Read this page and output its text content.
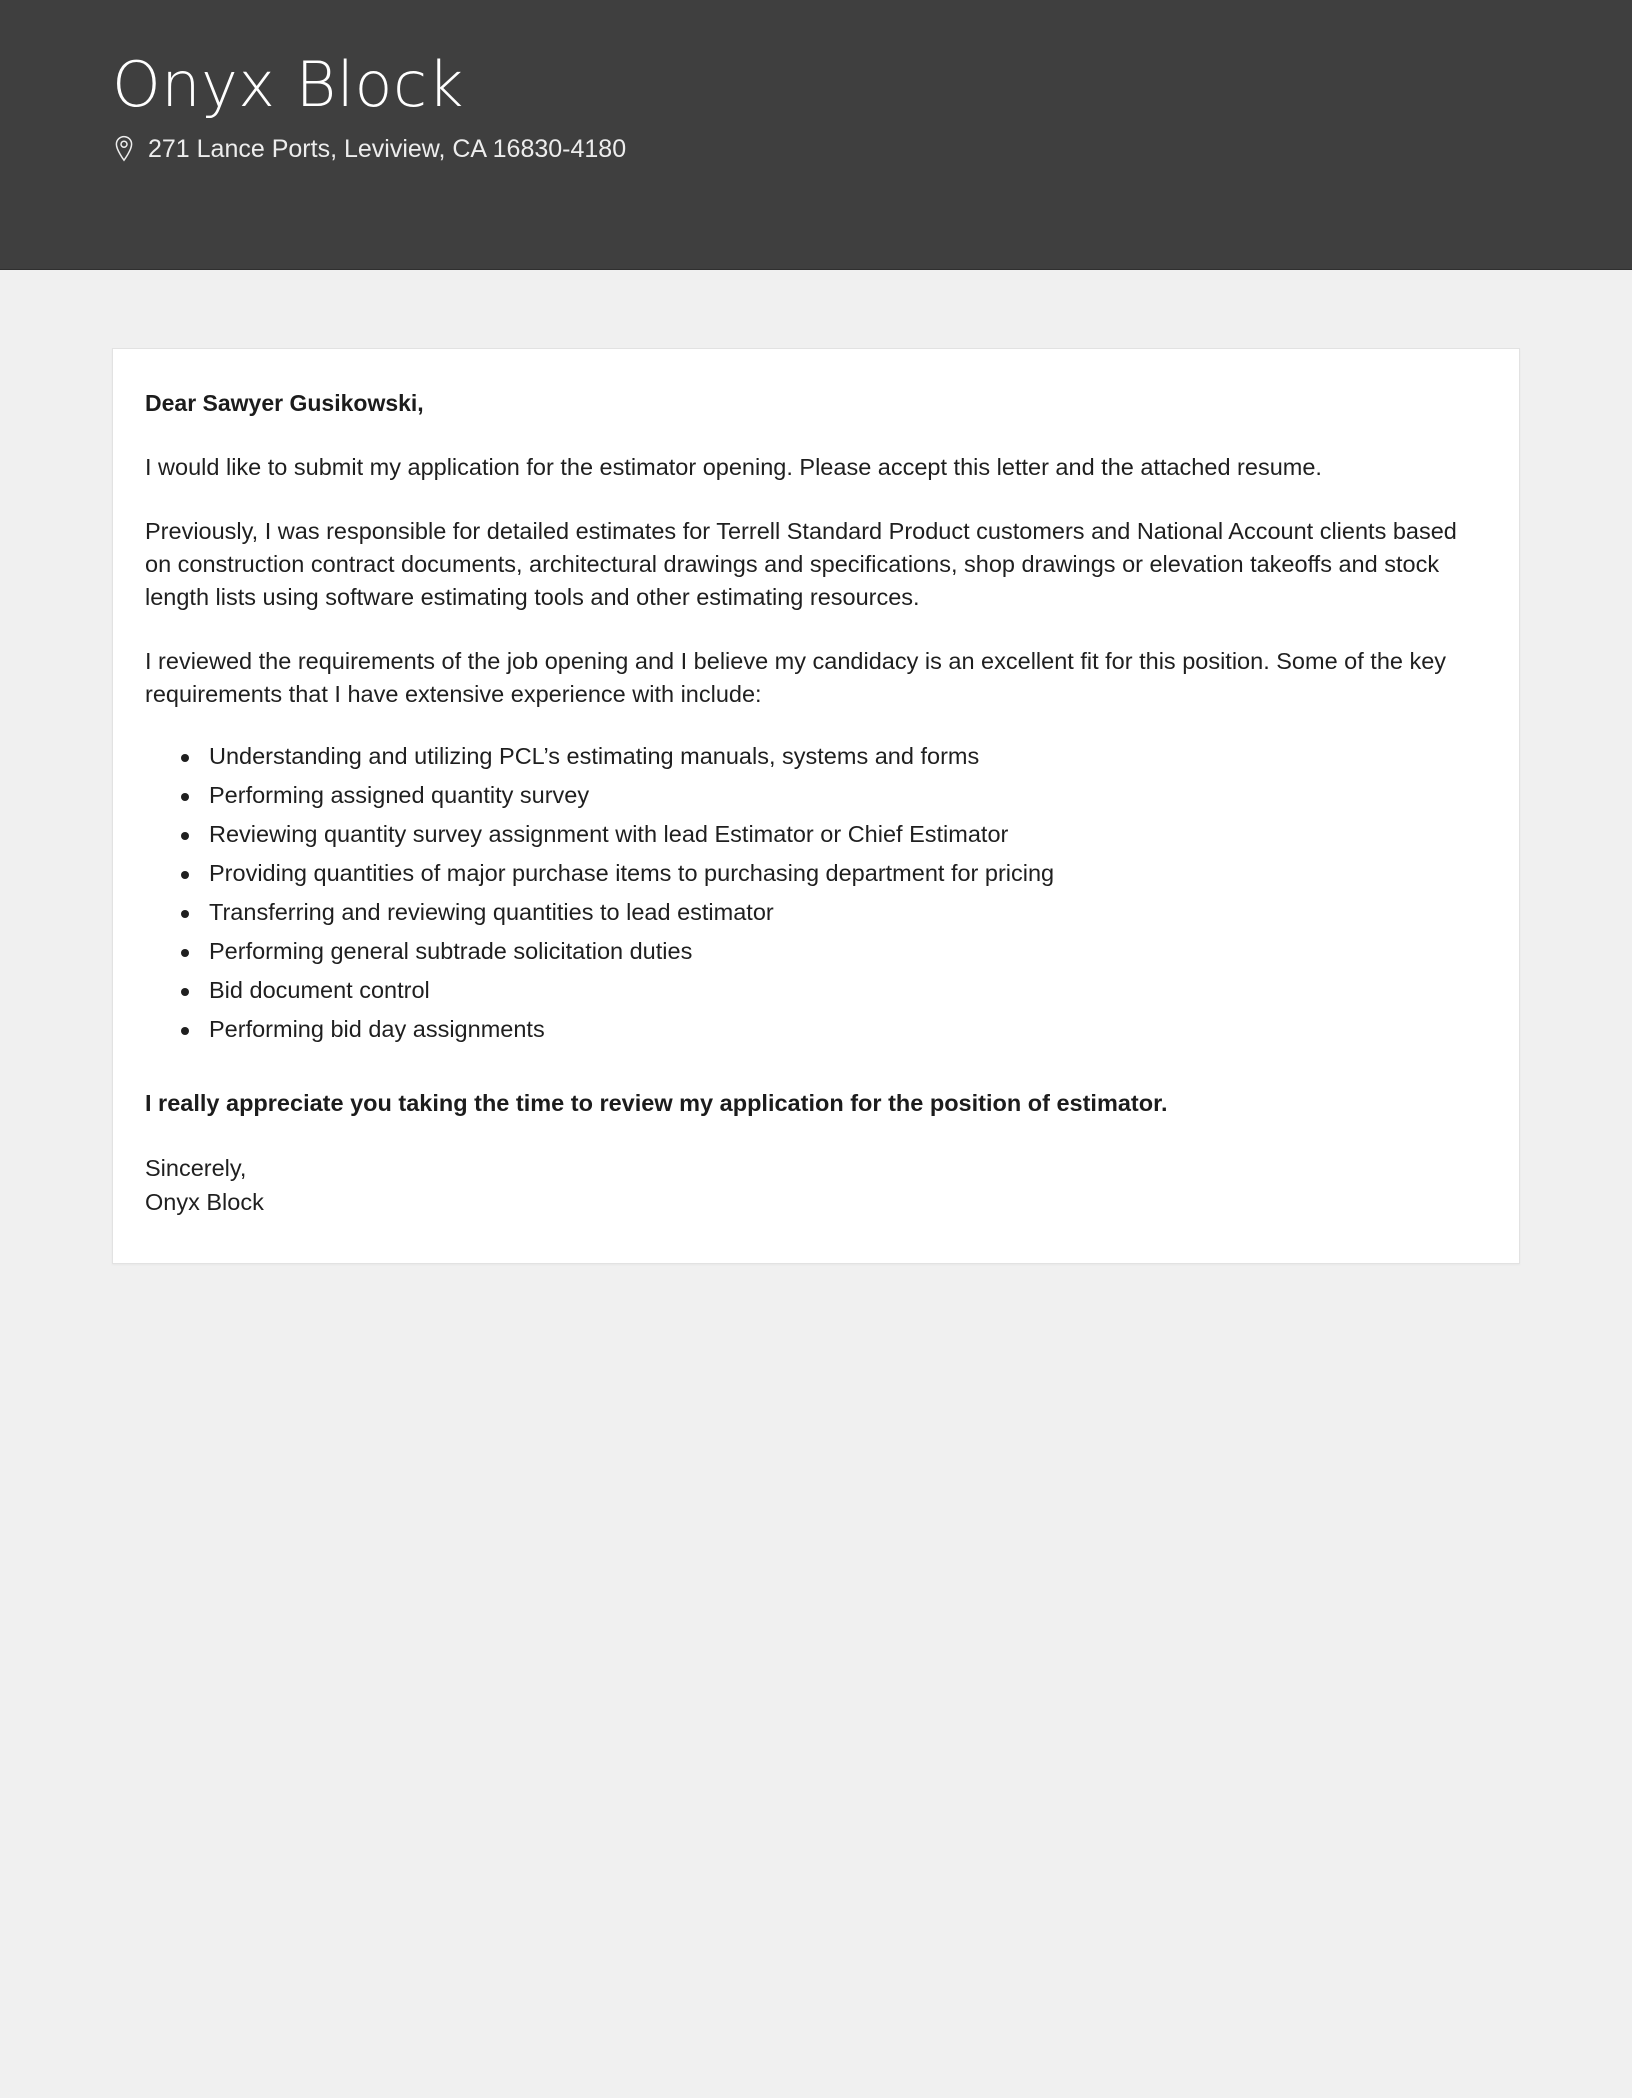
Onyx Block
271 Lance Ports, Leviview, CA 16830-4180

Dear Sawyer Gusikowski,

I would like to submit my application for the estimator opening. Please accept this letter and the attached resume.

Previously, I was responsible for detailed estimates for Terrell Standard Product customers and National Account clients based on construction contract documents, architectural drawings and specifications, shop drawings or elevation takeoffs and stock length lists using software estimating tools and other estimating resources.

I reviewed the requirements of the job opening and I believe my candidacy is an excellent fit for this position. Some of the key requirements that I have extensive experience with include:

Understanding and utilizing PCL’s estimating manuals, systems and forms
Performing assigned quantity survey
Reviewing quantity survey assignment with lead Estimator or Chief Estimator
Providing quantities of major purchase items to purchasing department for pricing
Transferring and reviewing quantities to lead estimator
Performing general subtrade solicitation duties
Bid document control
Performing bid day assignments

I really appreciate you taking the time to review my application for the position of estimator.

Sincerely,
Onyx Block
